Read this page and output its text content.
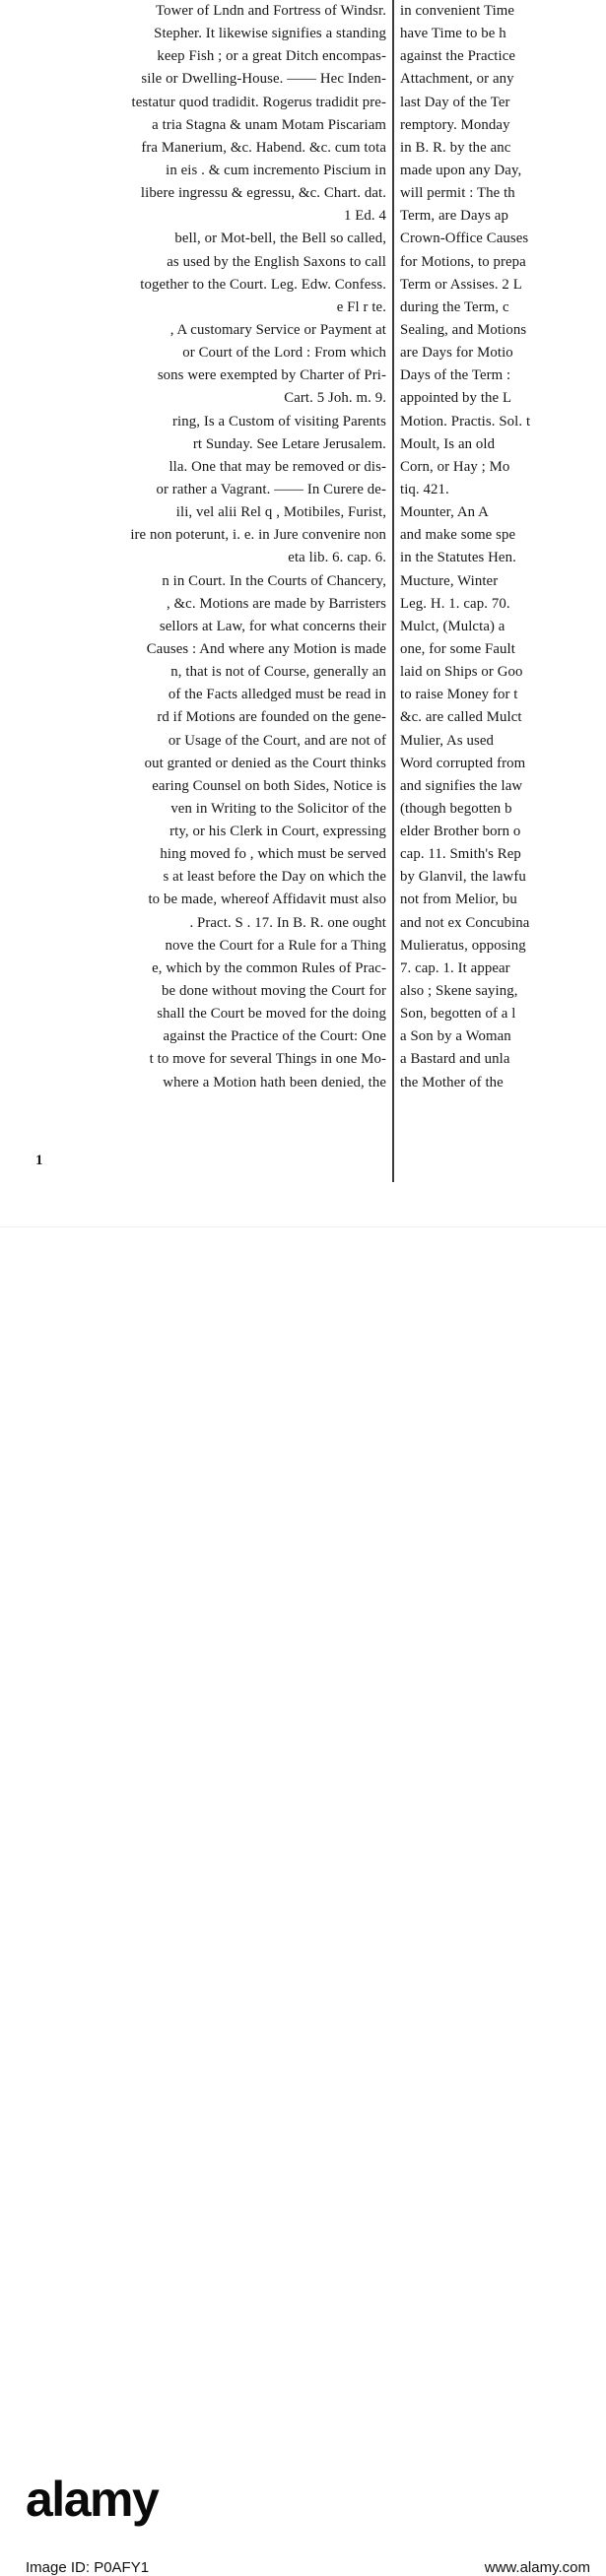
Tower of Lndn and Fortress of Windsr.
Stepher. It likewise signifies a standing
keep Fish ; or a great Ditch encompas-
sile or Dwelling-House. —— Hec Inden-
testatur quod tradidit. Rogerus tradidit pre-
a tria Stagna & unam Motam Piscariam
fra Manerium, &c. Habend. &c. cum tota
in eis . & cum incremento Piscium in
libere ingressu & egressu, &c. Chart. dat.
1 Ed. 4
bell, or Mot-bell, the Bell so called,
as used by the English Saxons to call
together to the Court. Leg. Edw. Confess.
e Fl r te.
, A customary Service or Payment at
or Court of the Lord : From which
sons were exempted by Charter of Pri-
Cart. 5 Joh. m. 9.
ring, Is a Custom of visiting Parents
rt Sunday. See Letare Jerusalem.
lla. One that may be removed or dis-
or rather a Vagrant. —— In Curere de-
ili, vel alii Rel q , Motibiles, Furist,
ire non poterunt, i. e. in Jure convenire non
eta lib. 6. cap. 6.
n in Court. In the Courts of Chancery,
, &c. Motions are made by Barristers
sellors at Law, for what concerns their
Causes : And where any Motion is made
n, that is not of Course, generally an
of the Facts alledged must be read in
rd if Motions are founded on the gene-
or Usage of the Court, and are not of
out granted or denied as the Court thinks
earing Counsel on both Sides, Notice is
ven in Writing to the Solicitor of the
rty, or his Clerk in Court, expressing
hing moved fo , which must be served
s at least before the Day on which the
to be made, whereof Affidavit must also
. Pract. S . 17. In B. R. one ought
nove the Court for a Rule for a Thing
e, which by the common Rules of Prac-
be done without moving the Court for
shall the Court be moved for the doing
against the Practice of the Court: One
t to move for several Things in one Mo-
where a Motion hath been denied, the
in convenient Time
have Time to be h
against the Practice
Attachment, or any
last Day of the Ter
remptory. Monday
in B. R. by the anc
made upon any Day,
will permit : The th
Term, are Days ap
Crown-Office Causes
for Motions, to prepa
Term or Assises. 2 L
during the Term, c
Sealing, and Motions
are Days for Motio
Days of the Term :
appointed by the L
Motion. Practis. Sol. t
Moult, Is an old
Corn, or Hay ; Mo
tiq. 421.
Mounter, An A
and make some spe
in the Statutes Hen.
Mucture, Winter
Leg. H. 1. cap. 70.
Mulct, (Mulcta) a
one, for some Fault
laid on Ships or Goo
to raise Money for t
&c. are called Mulct
Mulier, As used
Word corrupted from
and signifies the law
(though begotten b
elder Brother born o
cap. 11. Smith's Rep
by Glanvil, the lawfu
not from Melior, bu
and not ex Concubina
Mulieratus, opposing
7. cap. 1. It appear
also ; Skene saying,
Son, begotten of a l
a Son by a Woman
a Bastard and unla
the Mother of the
1
alamy
Image ID: P0AFY1	www.alamy.com
